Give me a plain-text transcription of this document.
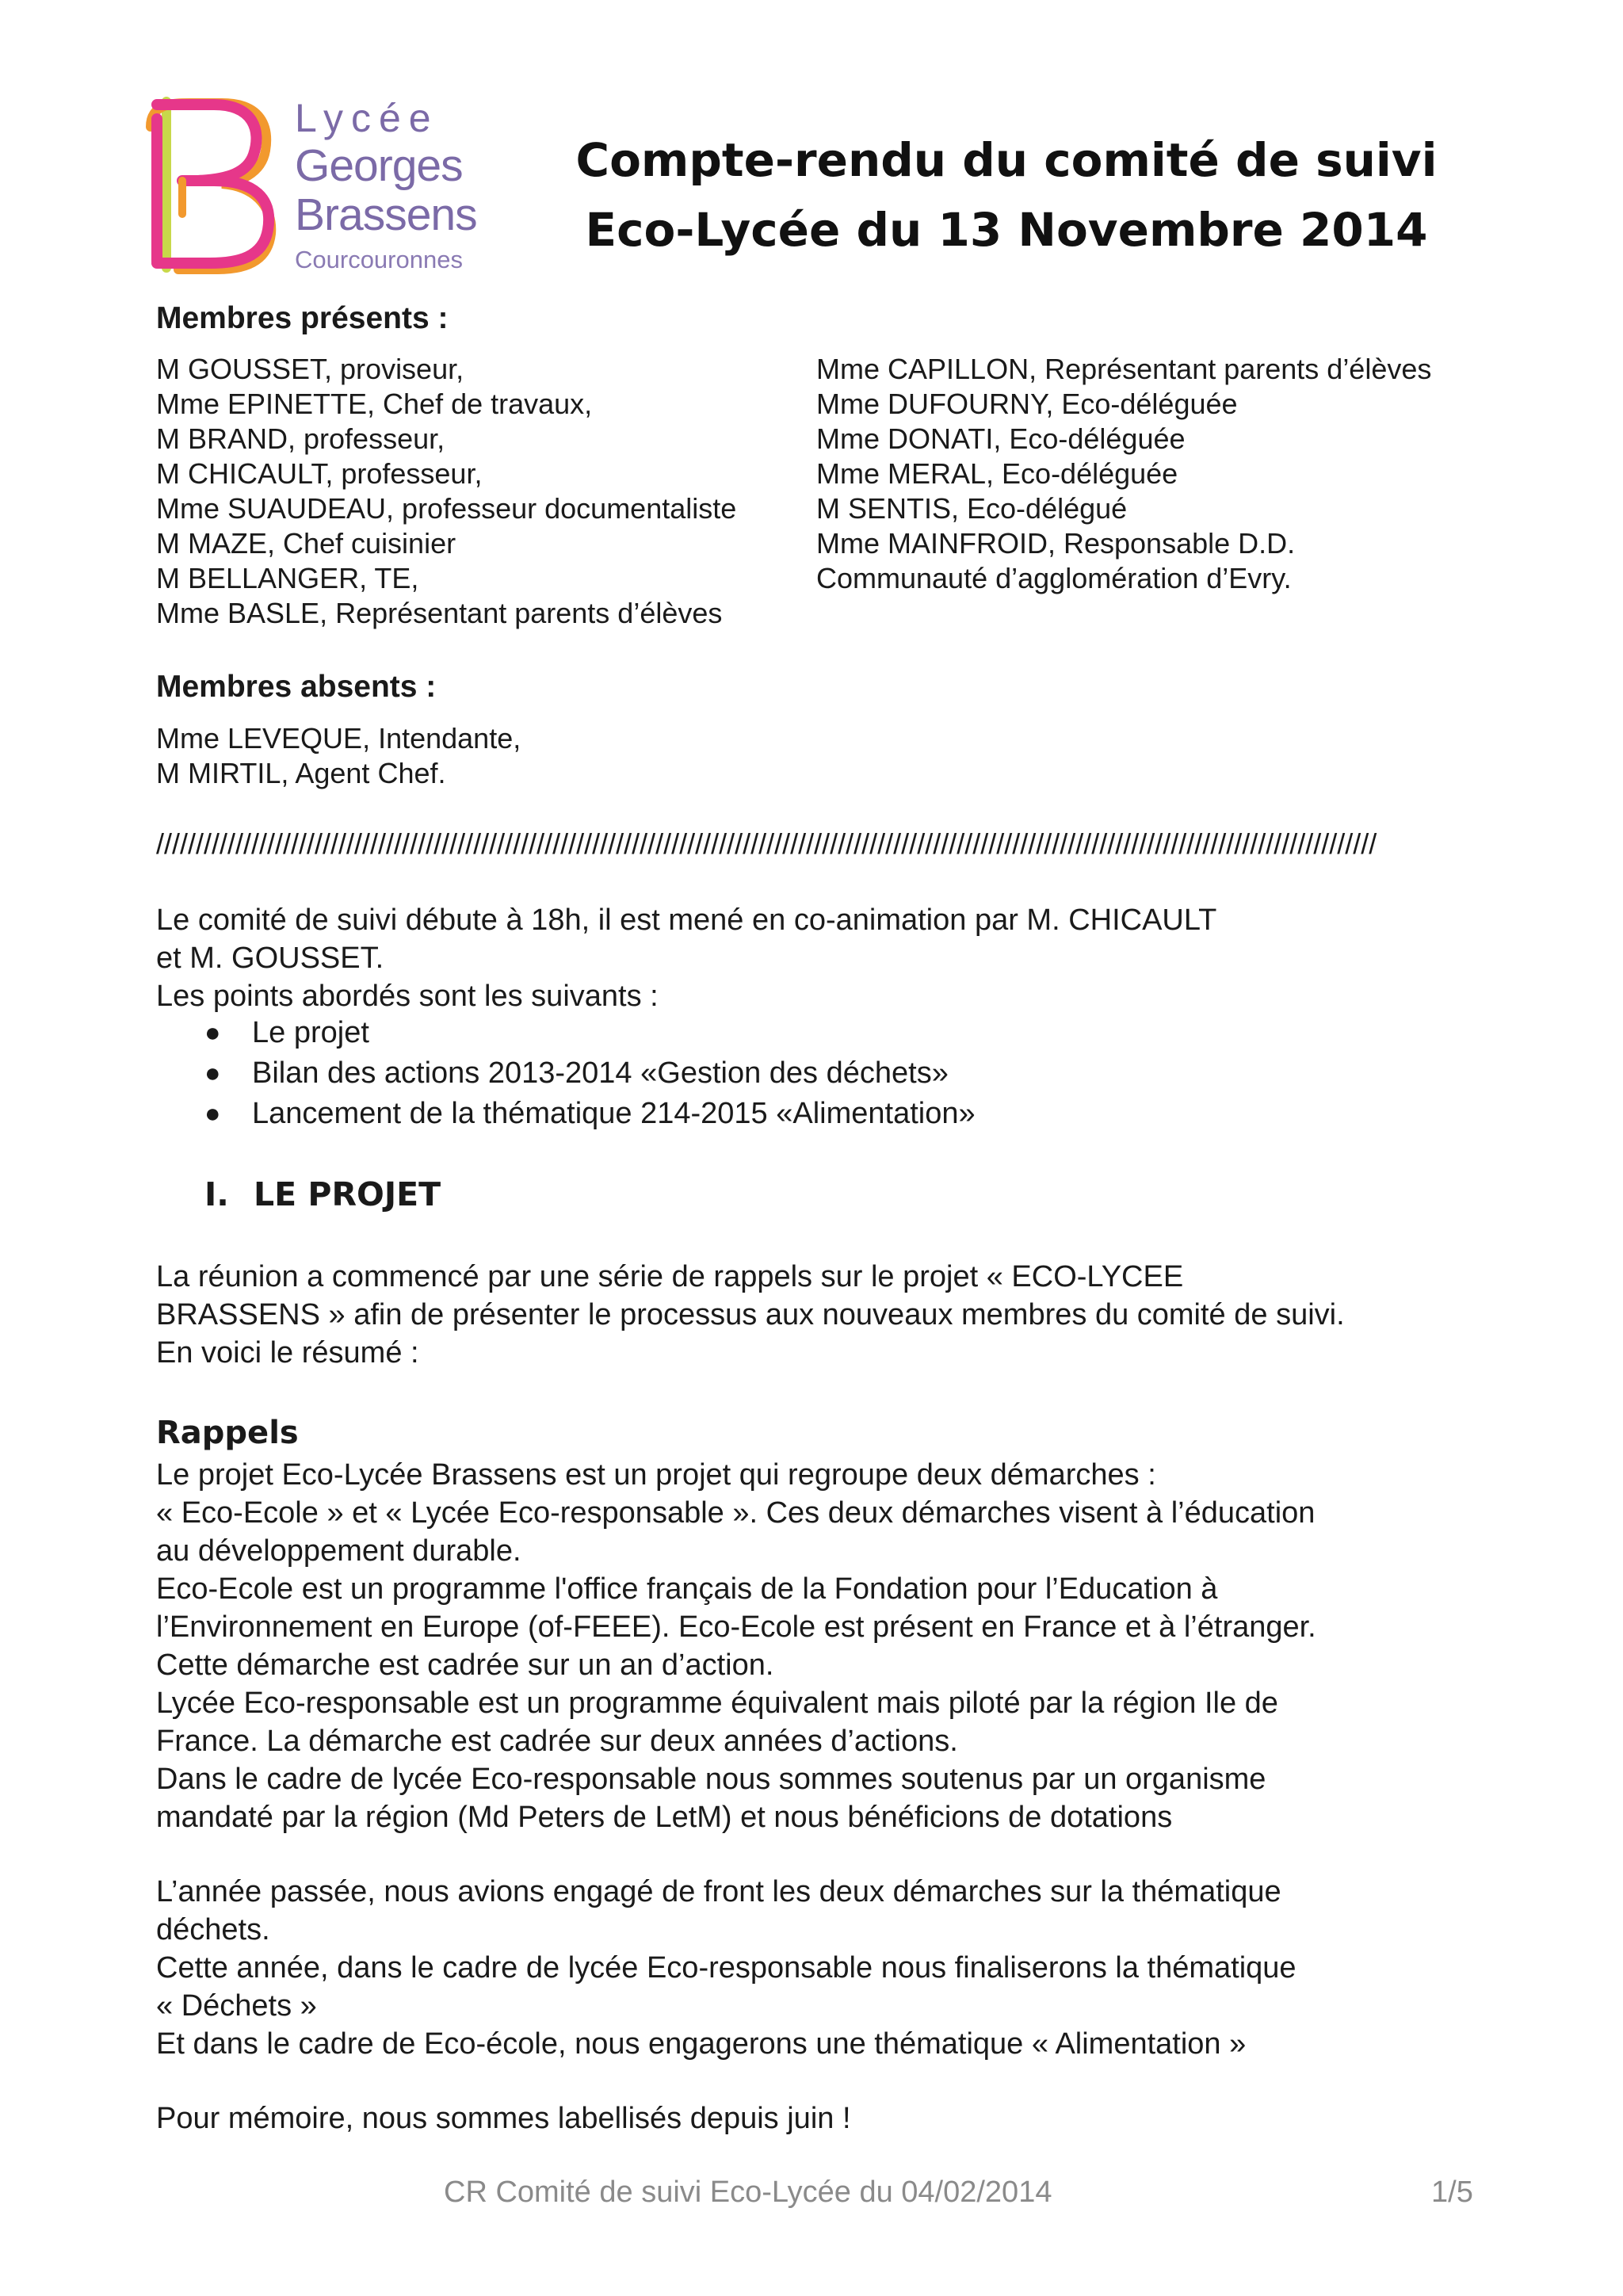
Lycée
Georges
Brassens
Courcouronnes
Compte-rendu du comité de suivi
Eco-Lycée du 13 Novembre 2014
Membres présents :
M GOUSSET, proviseur,
Mme EPINETTE, Chef de travaux,
M BRAND, professeur,
M CHICAULT, professeur,
Mme SUAUDEAU, professeur documentaliste
M MAZE, Chef cuisinier
M BELLANGER, TE,
Mme BASLE, Représentant parents d’élèves
Mme CAPILLON, Représentant parents d’élèves
Mme DUFOURNY, Eco-déléguée
Mme DONATI, Eco-déléguée
Mme MERAL, Eco-déléguée
M SENTIS, Eco-délégué
Mme MAINFROID, Responsable D.D.
Communauté d’agglomération d’Evry.
Membres absents :
Mme LEVEQUE, Intendante,
M MIRTIL, Agent Chef.
//////////////////////////////////////////////////////////////////////////////////////////////////////////////////////////////////////////////////////////

Le comité de suivi débute à 18h, il est mené en co-animation par M. CHICAULT

et M. GOUSSET.

Les points abordés sont les suivants :

●	Le projet
●	Bilan des actions 2013-2014 «Gestion des déchets»
●	Lancement de la thématique 214-2015 «Alimentation»
I. LE PROJET

La réunion a commencé par une série de rappels sur le projet « ECO-LYCEE

BRASSENS » afin de présenter le processus aux nouveaux membres du comité de suivi.

En voici le résumé :

Rappels

Le projet Eco-Lycée Brassens est un projet qui regroupe deux démarches :

« Eco-Ecole » et « Lycée Eco-responsable ». Ces deux démarches visent à l’éducation

au développement durable.

Eco-Ecole est un programme l'office français de la Fondation pour l’Education à

l’Environnement en Europe (of-FEEE). Eco-Ecole est présent en France et à l’étranger.

Cette démarche est cadrée sur un an d’action.

Lycée Eco-responsable est un programme équivalent mais piloté par la région Ile de

France. La démarche est cadrée sur deux années d’actions.

Dans le cadre de lycée Eco-responsable nous sommes soutenus par un organisme

mandaté par la région (Md Peters de LetM) et nous bénéficions de dotations

L’année passée, nous avions engagé de front les deux démarches sur la thématique

déchets.

Cette année, dans le cadre de lycée Eco-responsable nous finaliserons la thématique

« Déchets »

Et dans le cadre de Eco-école, nous engagerons une thématique « Alimentation »

Pour mémoire, nous sommes labellisés depuis juin !
CR Comité de suivi Eco-Lycée du 04/02/2014	1/5
